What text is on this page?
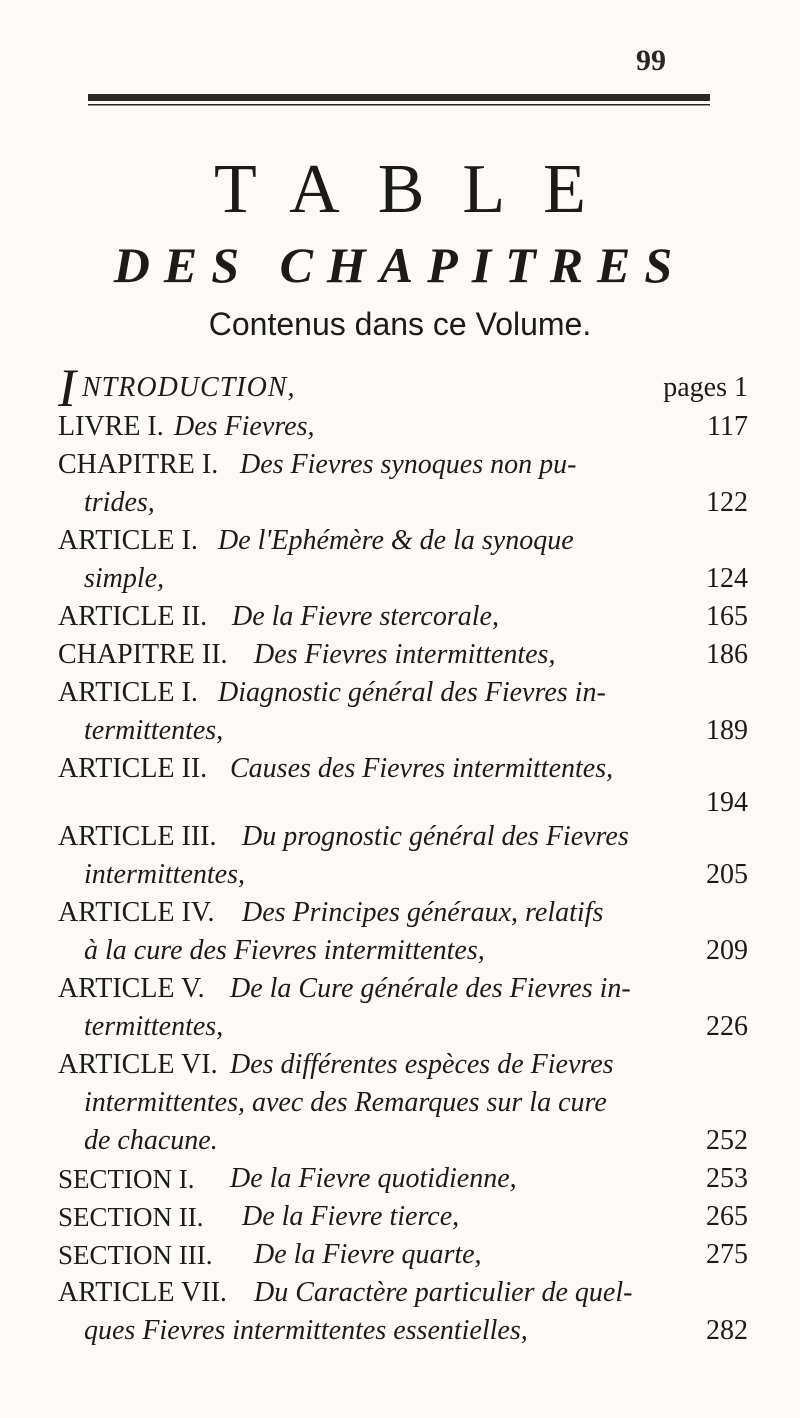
99
TABLE
DES CHAPITRES
Contenus dans ce Volume.
I NTRODUCTION,	pages 1
LIVRE I. Des Fievres,	117
CHAPITRE I. Des Fievres synoques non pu-
trides,	122
ARTICLE I. De l'Ephémère & de la synoque
simple,	124
ARTICLE II. De la Fievre stercorale,	165
CHAPITRE II. Des Fievres intermittentes,	186
ARTICLE I. Diagnostic général des Fievres in-
termittentes,	189
ARTICLE II. Causes des Fievres intermittentes,
194
ARTICLE III. Du prognostic général des Fievres
intermittentes,	205
ARTICLE IV. Des Principes généraux, relatifs
à la cure des Fievres intermittentes,	209
ARTICLE V. De la Cure générale des Fievres in-
termittentes,	226
ARTICLE VI. Des différentes espèces de Fievres
intermittentes, avec des Remarques sur la cure
de chacune.	252
SECTION I. De la Fievre quotidienne,	253
SECTION II. De la Fievre tierce,	265
SECTION III. De la Fievre quarte,	275
ARTICLE VII. Du Caractère particulier de quel-
ques Fievres intermittentes essentielles,	282
